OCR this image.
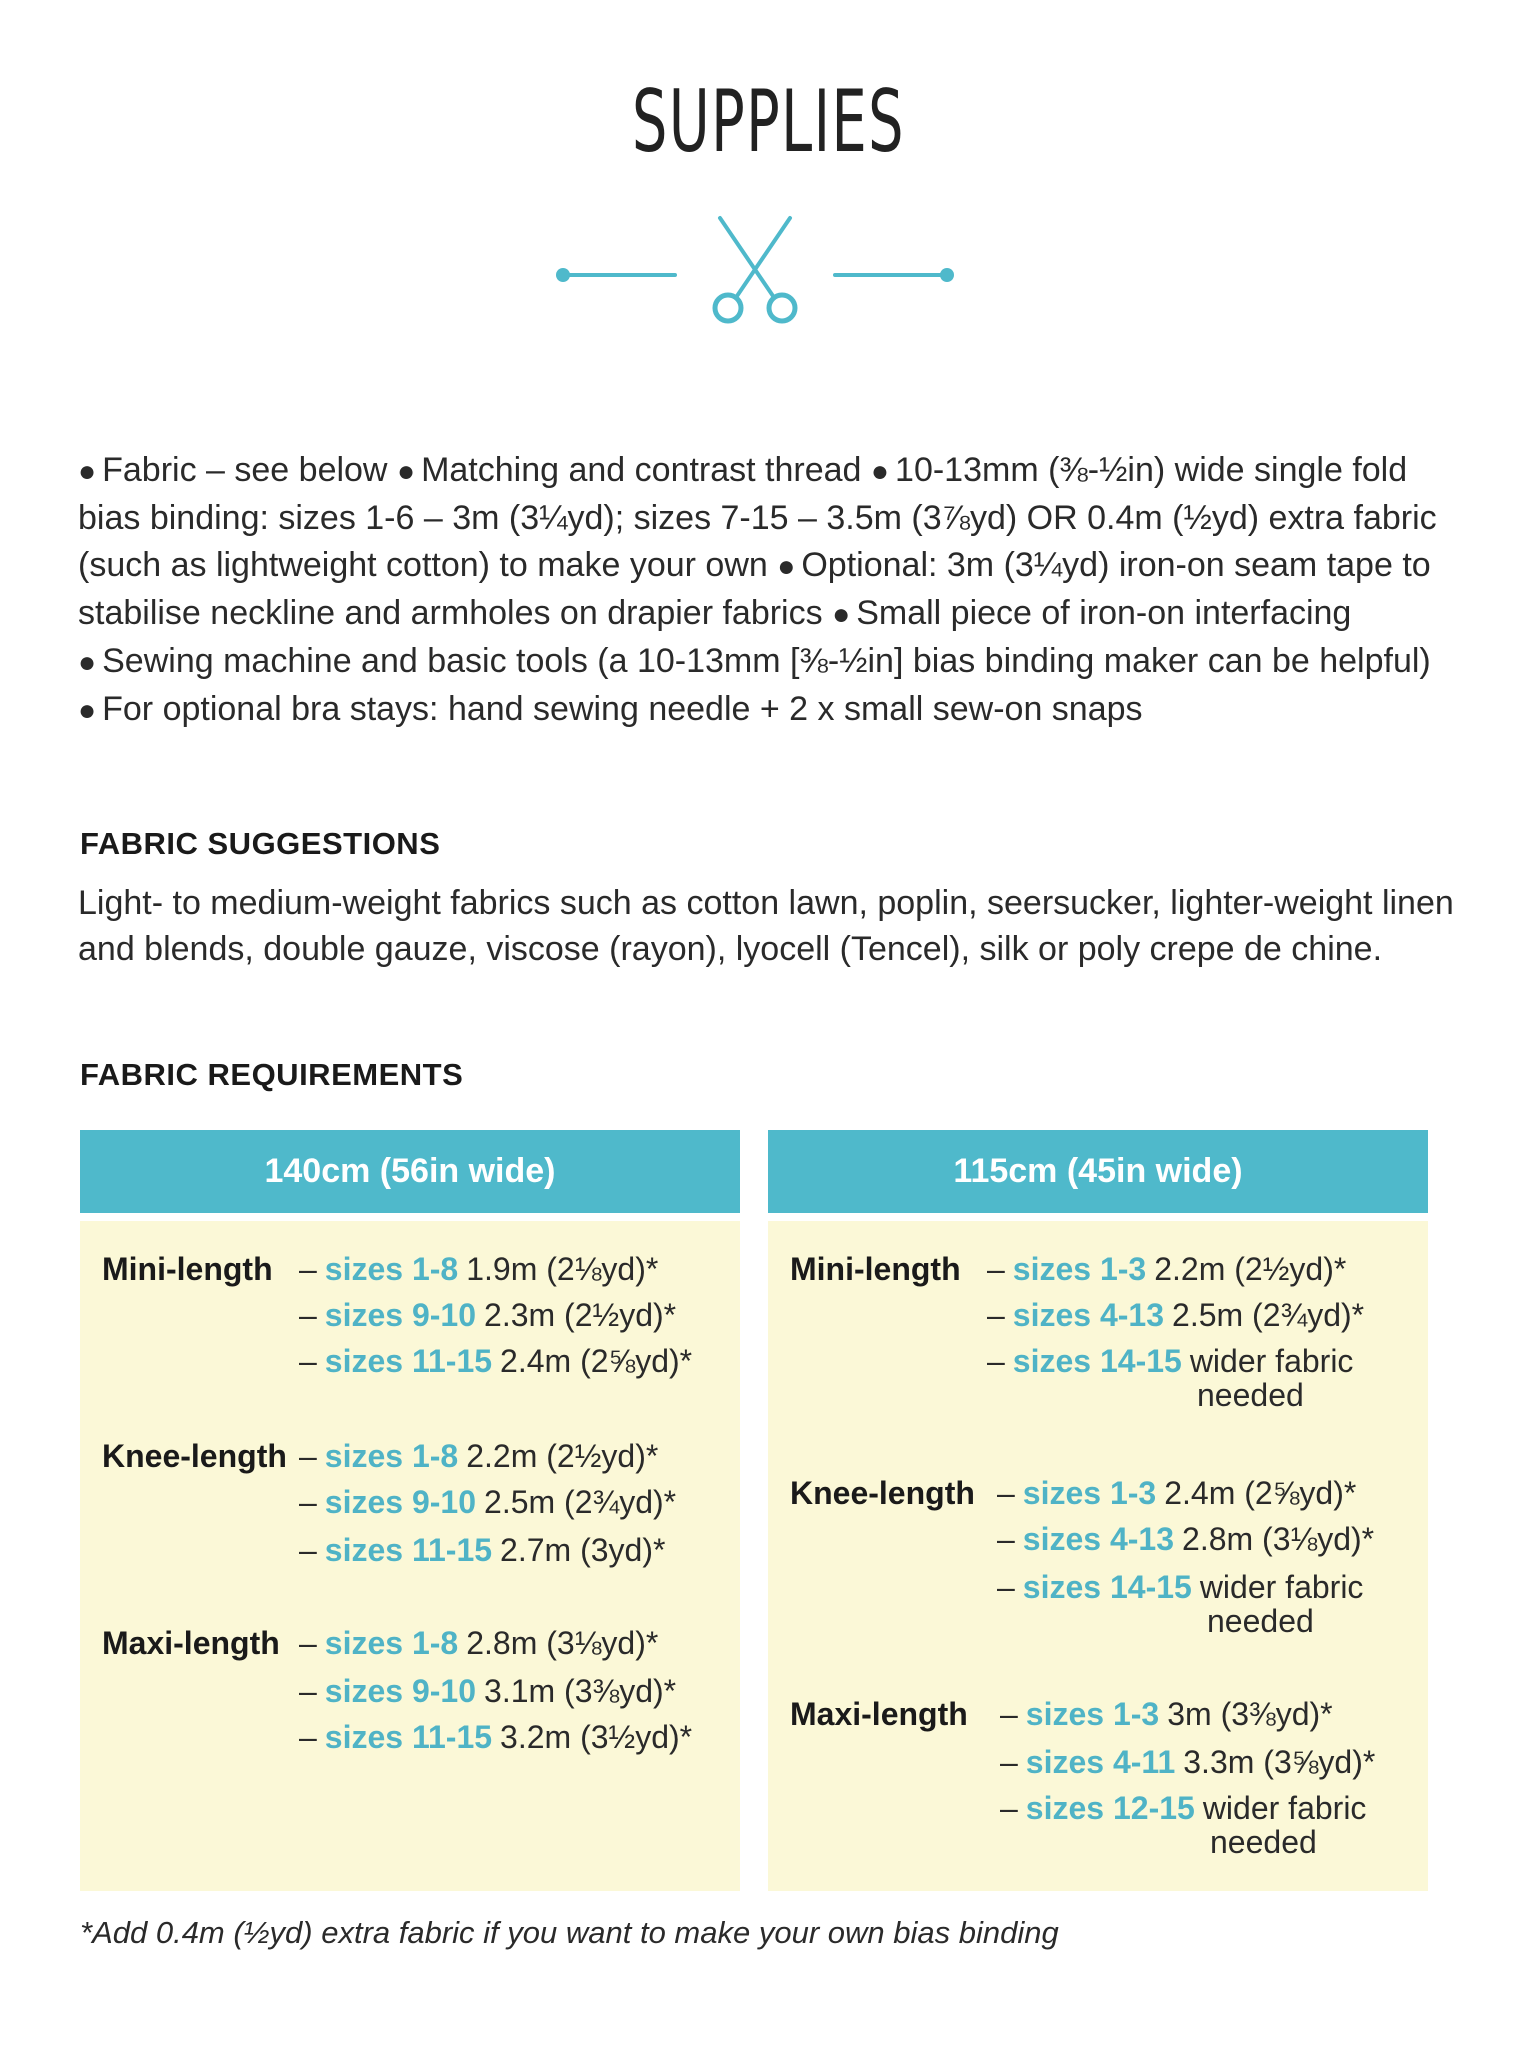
SUPPLIES
● Fabric – see below ● Matching and contrast thread ● 10-13mm (⅜-½in) wide single fold bias binding: sizes 1-6 – 3m (3¼yd); sizes 7-15 – 3.5m (3⅞yd) OR 0.4m (½yd) extra fabric (such as lightweight cotton) to make your own ● Optional: 3m (3¼yd) iron-on seam tape to stabilise neckline and armholes on drapier fabrics ● Small piece of iron-on interfacing ● Sewing machine and basic tools (a 10-13mm [⅜-½in] bias binding maker can be helpful) ● For optional bra stays: hand sewing needle + 2 x small sew-on snaps
FABRIC SUGGESTIONS
Light- to medium-weight fabrics such as cotton lawn, poplin, seersucker, lighter-weight linen and blends, double gauze, viscose (rayon), lyocell (Tencel), silk or poly crepe de chine.
FABRIC REQUIREMENTS
140cm (56in wide)
Mini-length – sizes 1-8 1.9m (2⅛yd)*
– sizes 9-10 2.3m (2½yd)*
– sizes 11-15 2.4m (2⅝yd)*
Knee-length – sizes 1-8 2.2m (2½yd)*
– sizes 9-10 2.5m (2¾yd)*
– sizes 11-15 2.7m (3yd)*
Maxi-length – sizes 1-8 2.8m (3⅛yd)*
– sizes 9-10 3.1m (3⅜yd)*
– sizes 11-15 3.2m (3½yd)*
115cm (45in wide)
Mini-length – sizes 1-3 2.2m (2½yd)*
– sizes 4-13 2.5m (2¾yd)*
– sizes 14-15 wider fabric
needed
Knee-length – sizes 1-3 2.4m (2⅝yd)*
– sizes 4-13 2.8m (3⅛yd)*
– sizes 14-15 wider fabric
needed
Maxi-length – sizes 1-3 3m (3⅜yd)*
– sizes 4-11 3.3m (3⅝yd)*
– sizes 12-15 wider fabric
needed
*Add 0.4m (½yd) extra fabric if you want to make your own bias binding
